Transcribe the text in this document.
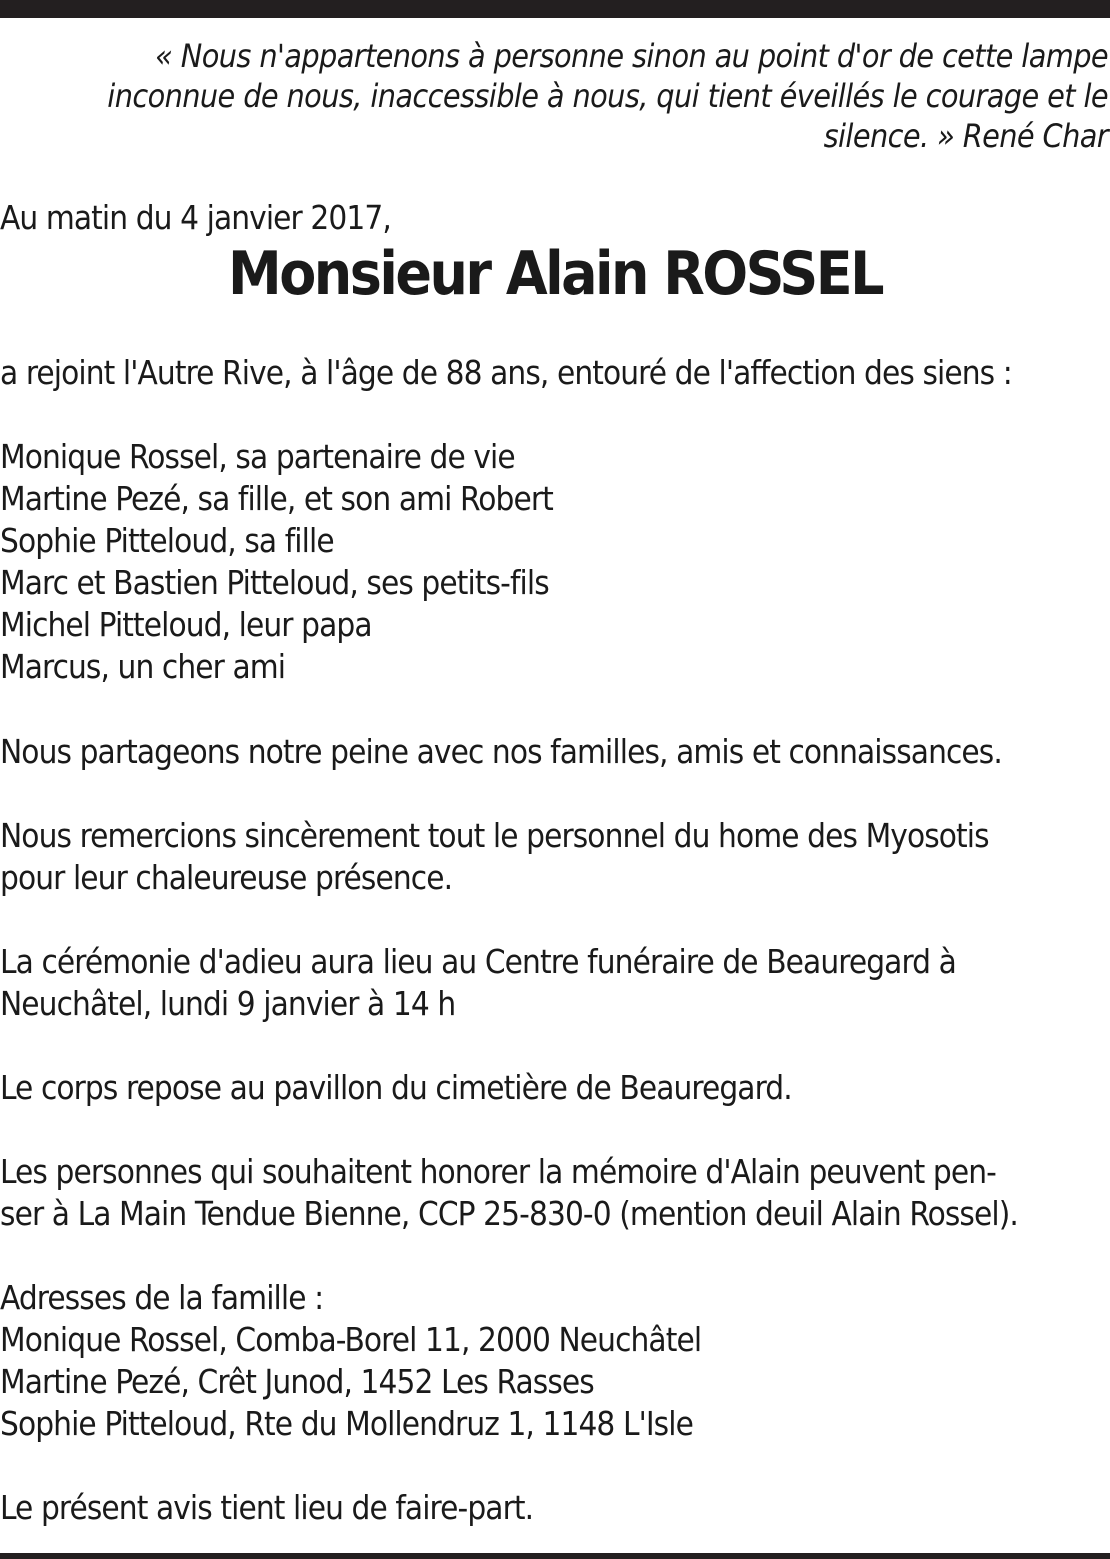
« Nous n'appartenons à personne sinon au point d'or de cette lampe
inconnue de nous, inaccessible à nous, qui tient éveillés le courage et le
silence. » René Char
Au matin du 4 janvier 2017,
Monsieur Alain ROSSEL
a rejoint l'Autre Rive, à l'âge de 88 ans, entouré de l'affection des siens :
Monique Rossel, sa partenaire de vie
Martine Pezé, sa fille, et son ami Robert
Sophie Pitteloud, sa fille
Marc et Bastien Pitteloud, ses petits-fils
Michel Pitteloud, leur papa
Marcus, un cher ami
Nous partageons notre peine avec nos familles, amis et connaissances.
Nous remercions sincèrement tout le personnel du home des Myosotis
pour leur chaleureuse présence.
La cérémonie d'adieu aura lieu au Centre funéraire de Beauregard à
Neuchâtel, lundi 9 janvier à 14 h
Le corps repose au pavillon du cimetière de Beauregard.
Les personnes qui souhaitent honorer la mémoire d'Alain peuvent pen-
ser à La Main Tendue Bienne, CCP 25-830-0 (mention deuil Alain Rossel).
Adresses de la famille :
Monique Rossel, Comba-Borel 11, 2000 Neuchâtel
Martine Pezé, Crêt Junod, 1452 Les Rasses
Sophie Pitteloud, Rte du Mollendruz 1, 1148 L'Isle
Le présent avis tient lieu de faire-part.
